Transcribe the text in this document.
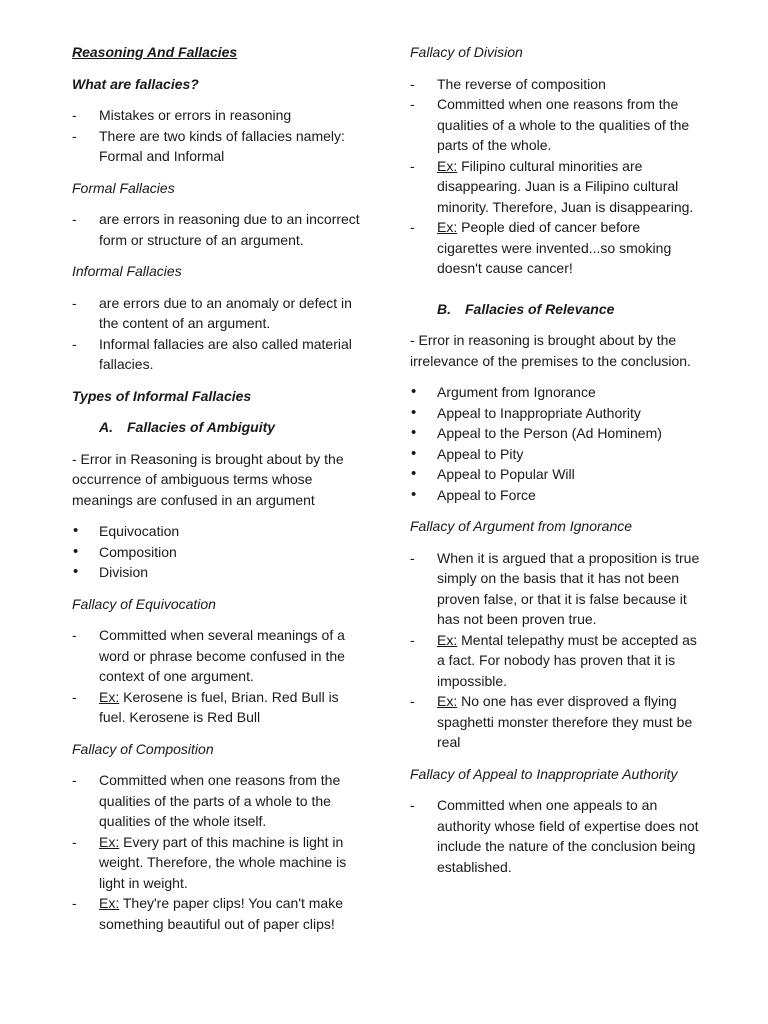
Reasoning And Fallacies

What are fallacies?

- Mistakes or errors in reasoning
- There are two kinds of fallacies namely: Formal and Informal

Formal Fallacies

- are errors in reasoning due to an incorrect form or structure of an argument.

Informal Fallacies

- are errors due to an anomaly or defect in the content of an argument.
- Informal fallacies are also called material fallacies.

Types of Informal Fallacies

A. Fallacies of Ambiguity

- Error in Reasoning is brought about by the occurrence of ambiguous terms whose meanings are confused in an argument

• Equivocation
• Composition
• Division

Fallacy of Equivocation

- Committed when several meanings of a word or phrase become confused in the context of one argument.
- Ex: Kerosene is fuel, Brian. Red Bull is fuel. Kerosene is Red Bull

Fallacy of Composition

- Committed when one reasons from the qualities of the parts of a whole to the qualities of the whole itself.
- Ex: Every part of this machine is light in weight. Therefore, the whole machine is light in weight.
- Ex: They're paper clips! You can't make something beautiful out of paper clips!

Fallacy of Division

- The reverse of composition
- Committed when one reasons from the qualities of a whole to the qualities of the parts of the whole.
- Ex: Filipino cultural minorities are disappearing. Juan is a Filipino cultural minority. Therefore, Juan is disappearing.
- Ex: People died of cancer before cigarettes were invented...so smoking doesn't cause cancer!

B. Fallacies of Relevance

- Error in reasoning is brought about by the irrelevance of the premises to the conclusion.

• Argument from Ignorance
• Appeal to Inappropriate Authority
• Appeal to the Person (Ad Hominem)
• Appeal to Pity
• Appeal to Popular Will
• Appeal to Force

Fallacy of Argument from Ignorance

- When it is argued that a proposition is true simply on the basis that it has not been proven false, or that it is false because it has not been proven true.
- Ex: Mental telepathy must be accepted as a fact. For nobody has proven that it is impossible.
- Ex: No one has ever disproved a flying spaghetti monster therefore they must be real

Fallacy of Appeal to Inappropriate Authority

- Committed when one appeals to an authority whose field of expertise does not include the nature of the conclusion being established.
